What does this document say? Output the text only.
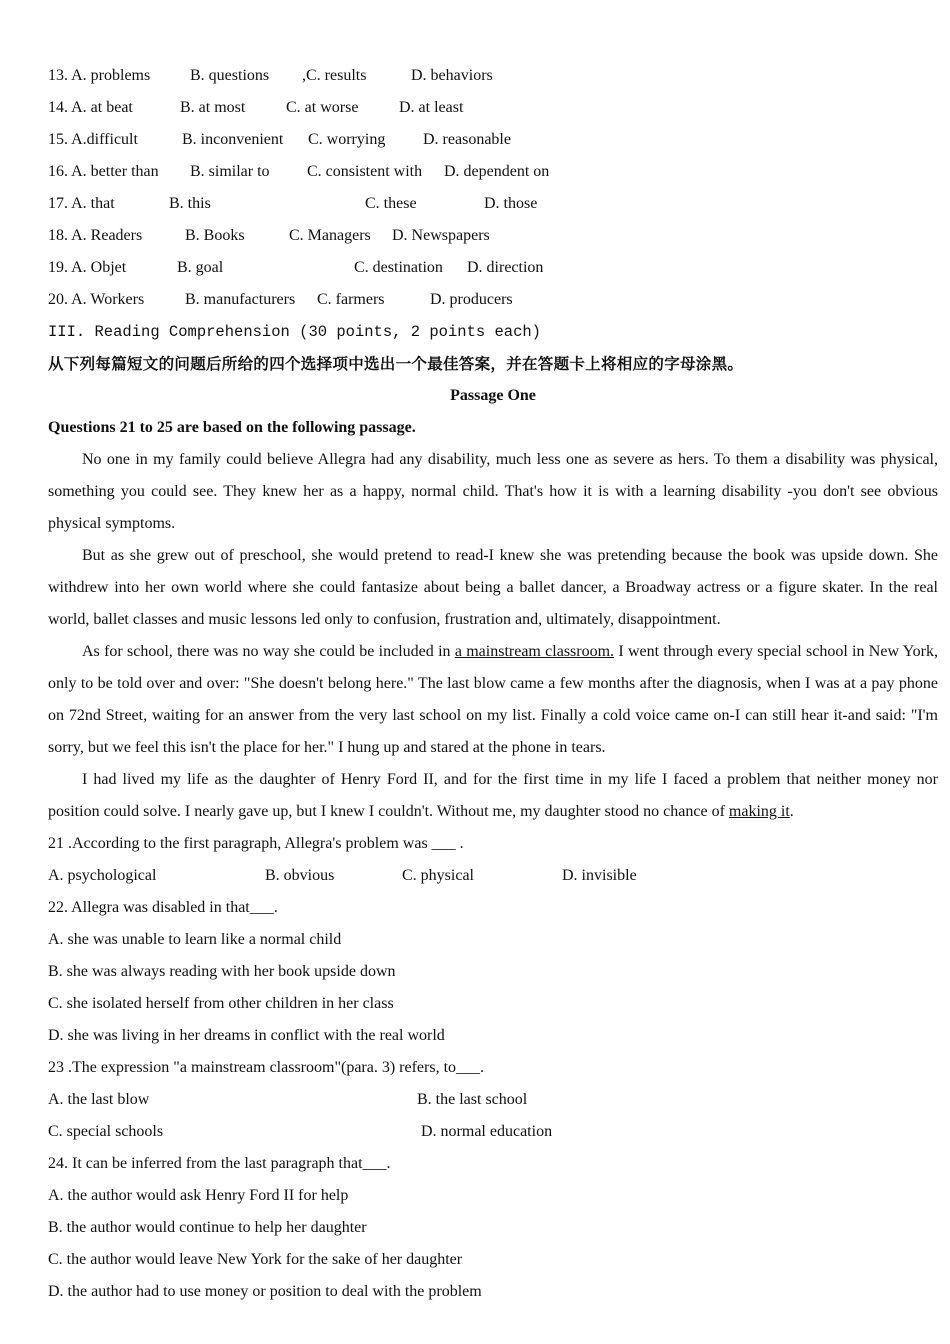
13. A. problems B. questions ,C. results	D. behaviors
14. A. at beat	B. at most	C. at worse	D. at least
15. A.difficult	B. inconvenient C. worrying D. reasonable
16. A. better than B. similar to C. consistent with D. dependent on
17. A. that	B. this	C. these	D. those
18. A. Readers	B. Books	C. Managers D. Newspapers
19. A. Objet	B. goal	C. destination D. direction
20. A. Workers	B. manufacturers C. farmers	D. producers
III. Reading Comprehension (30 points, 2 points each)
从下列每篇短文的问题后所给的四个选择项中选出一个最佳答案，并在答题卡上将相应的字母涂黑。
Passage One
Questions 21 to 25 are based on the following passage.

No one in my family could believe Allegra had any disability, much less one as severe as hers. To them a disability was physical, something you could see. They knew her as a happy, normal child. That's how it is with a learning disability -you don't see obvious physical symptoms.

But as she grew out of preschool, she would pretend to read-I knew she was pretending because the book was upside down. She withdrew into her own world where she could fantasize about being a ballet dancer, a Broadway actress or a figure skater. In the real world, ballet classes and music lessons led only to confusion, frustration and, ultimately, disappointment.

As for school, there was no way she could be included in a mainstream classroom. I went through every special school in New York, only to be told over and over: "She doesn't belong here." The last blow came a few months after the diagnosis, when I was at a pay phone on 72nd Street, waiting for an answer from the very last school on my list. Finally a cold voice came on-I can still hear it-and said: "I'm sorry, but we feel this isn't the place for her." I hung up and stared at the phone in tears.

I had lived my life as the daughter of Henry Ford II, and for the first time in my life I faced a problem that neither money nor position could solve. I nearly gave up, but I knew I couldn't. Without me, my daughter stood no chance of making it.

21 .According to the first paragraph, Allegra's problem was ___ .
A. psychological	B. obvious	C. physical	D. invisible
22. Allegra was disabled in that___.
A. she was unable to learn like a normal child
B. she was always reading with her book upside down
C. she isolated herself from other children in her class
D. she was living in her dreams in conflict with the real world
23 .The expression "a mainstream classroom"(para. 3) refers, to___.
A. the last blow	B. the last school
C. special schools	D. normal education
24. It can be inferred from the last paragraph that___.
A. the author would ask Henry Ford II for help
B. the author would continue to help her daughter
C. the author would leave New York for the sake of her daughter
D. the author had to use money or position to deal with the problem
